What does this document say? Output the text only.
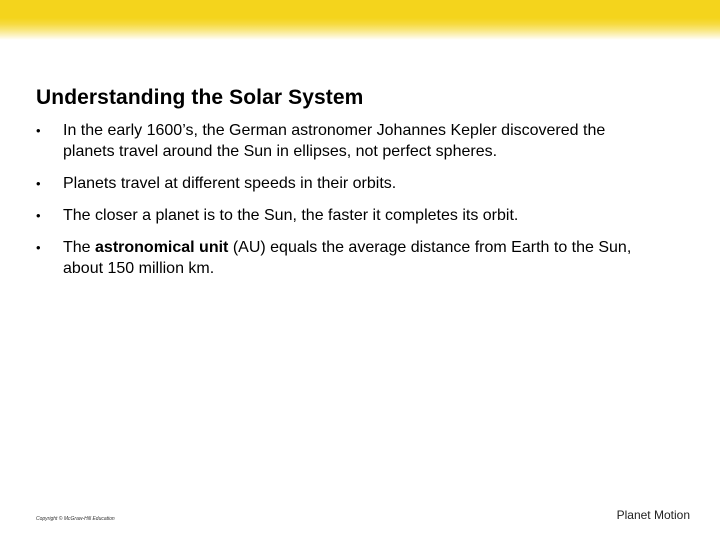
Understanding the Solar System
• In the early 1600’s, the German astronomer Johannes Kepler discovered the planets travel around the Sun in ellipses, not perfect spheres.
• Planets travel at different speeds in their orbits.
• The closer a planet is to the Sun, the faster it completes its orbit.
• The astronomical unit (AU) equals the average distance from Earth to the Sun, about 150 million km.
Copyright © McGraw-Hill Education	Planet Motion
